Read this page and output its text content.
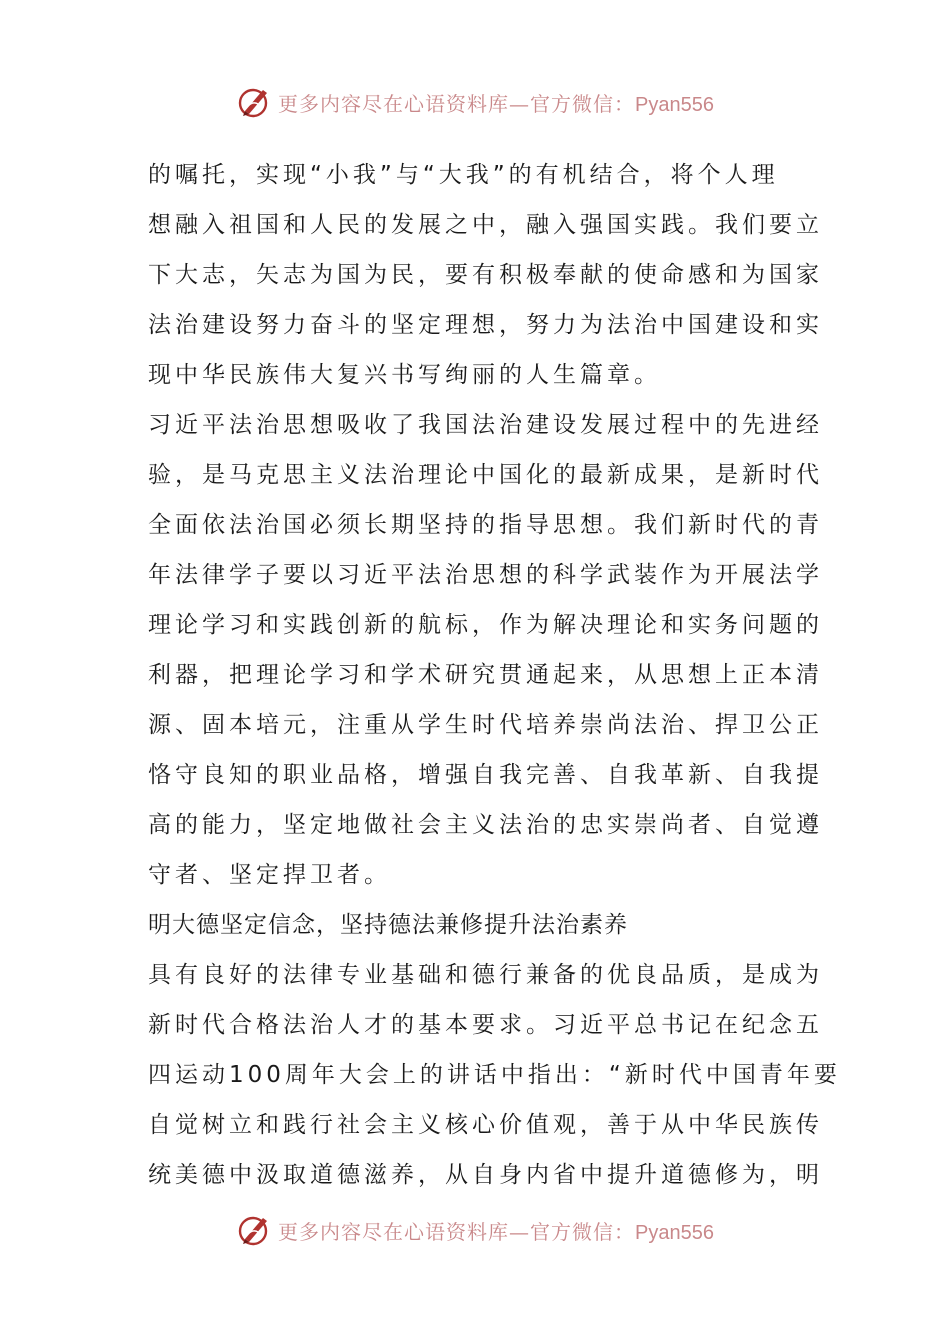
更多内容尽在心语资料库—官方微信：Pyan556
的嘱托，实现“小我”与“大我”的有机结合，将个人理
想融入祖国和人民的发展之中，融入强国实践。我们要立
下大志，矢志为国为民，要有积极奉献的使命感和为国家
法治建设努力奋斗的坚定理想，努力为法治中国建设和实
现中华民族伟大复兴书写绚丽的人生篇章。
习近平法治思想吸收了我国法治建设发展过程中的先进经
验，是马克思主义法治理论中国化的最新成果，是新时代
全面依法治国必须长期坚持的指导思想。我们新时代的青
年法律学子要以习近平法治思想的科学武装作为开展法学
理论学习和实践创新的航标，作为解决理论和实务问题的
利器，把理论学习和学术研究贯通起来，从思想上正本清
源、固本培元，注重从学生时代培养崇尚法治、捍卫公正
恪守良知的职业品格，增强自我完善、自我革新、自我提
高的能力，坚定地做社会主义法治的忠实崇尚者、自觉遵
守者、坚定捍卫者。
明大德坚定信念，坚持德法兼修提升法治素养
具有良好的法律专业基础和德行兼备的优良品质，是成为
新时代合格法治人才的基本要求。习近平总书记在纪念五
四运动100周年大会上的讲话中指出：“新时代中国青年要
自觉树立和践行社会主义核心价值观，善于从中华民族传
统美德中汲取道德滋养，从自身内省中提升道德修为，明
更多内容尽在心语资料库—官方微信：Pyan556
